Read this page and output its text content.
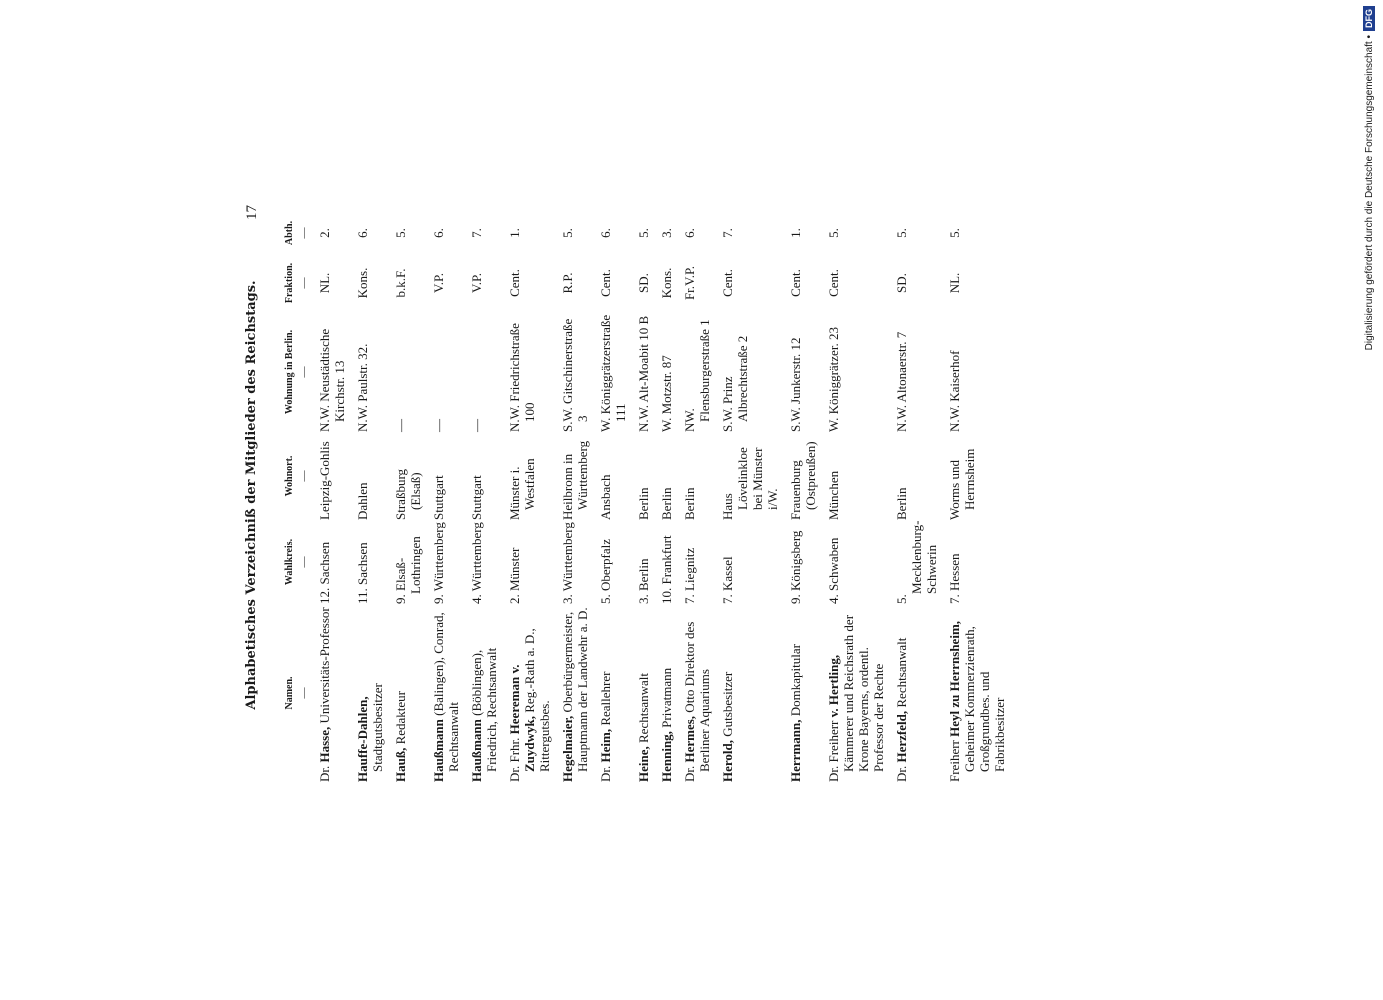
17
Alphabetisches Verzeichniß der Mitglieder des Reichstags.	Namen. —	Wahlkreis. —	Wohnort. —	Wohnung in Berlin. —	Fraktion. —	Abth. —

Dr. Hasse, Universitäts-Professor	12. Sachsen	Leipzig-Gohlis	N.W. Neustädtische Kirchstr. 13	NL.	2.
Hauffe-Dahlen, Stadtgutsbesitzer	11. Sachsen	Dahlen	N.W. Paulstr. 32.	Kons.	6.
Hauß, Redakteur	9. Elsaß-Lothringen	Straßburg (Elsaß)	—	b.k.F.	5.
Haußmann (Balingen), Conrad, Rechtsanwalt	9. Württemberg	Stuttgart	—	V.P.	6.
Haußmann (Böblingen), Friedrich, Rechtsanwalt	4. Württemberg	Stuttgart	—	V.P.	7.
Dr. Frhr. Heereman v. Zuydwyk, Reg.-Rath a. D., Rittergutsbes.	2. Münster	Münster i. Westfalen	N.W. Friedrichstraße 100	Cent.	1.
Hegelmaier, Oberbürgermeister, Hauptmann der Landwehr a. D.	3. Württemberg	Heilbronn in Württemberg	S.W. Gitschinerstraße 3	R.P.	5.
Dr. Heim, Reallehrer	5. Oberpfalz	Ansbach	W. Königgrätzerstraße 111	Cent.	6.
Heine, Rechtsanwalt	3. Berlin	Berlin	N.W. Alt-Moabit 10 B	SD.	5.
Henning, Privatmann	10. Frankfurt	Berlin	W. Motzstr. 87	Kons.	3.
Dr. Hermes, Otto Direktor des Berliner Aquariums	7. Liegnitz	Berlin	NW. Flensburgerstraße 1	Fr.V.P.	6.
Herold, Gutsbesitzer	7. Kassel	Haus Lövelinkloe bei Münster i/W.	S.W. Prinz Albrechtstraße 2	Cent.	7.
Herrmann, Domkapitular	9. Königsberg	Frauenburg (Ostpreußen)	S.W. Junkerstr. 12	Cent.	1.
Dr. Freiherr v. Hertling, Kämmerer und Reichsrath der Krone Bayerns, ordentl. Professor der Rechte	4. Schwaben	München	W. Königgrätzer. 23	Cent.	5.
Dr. Herzfeld, Rechtsanwalt	5. Mecklenburg-Schwerin	Berlin	N.W. Altonaerstr. 7	SD.	5.
Freiherr Heyl zu Herrnsheim, Geheimer Kommerzienrath, Großgrundbes. und Fabrikbesitzer	7. Hessen	Worms und Herrnsheim	N.W. Kaiserhof	NL.	5.	Digitalisierung gefördert durch die Deutsche Forschungsgemeinschaft •DFG
